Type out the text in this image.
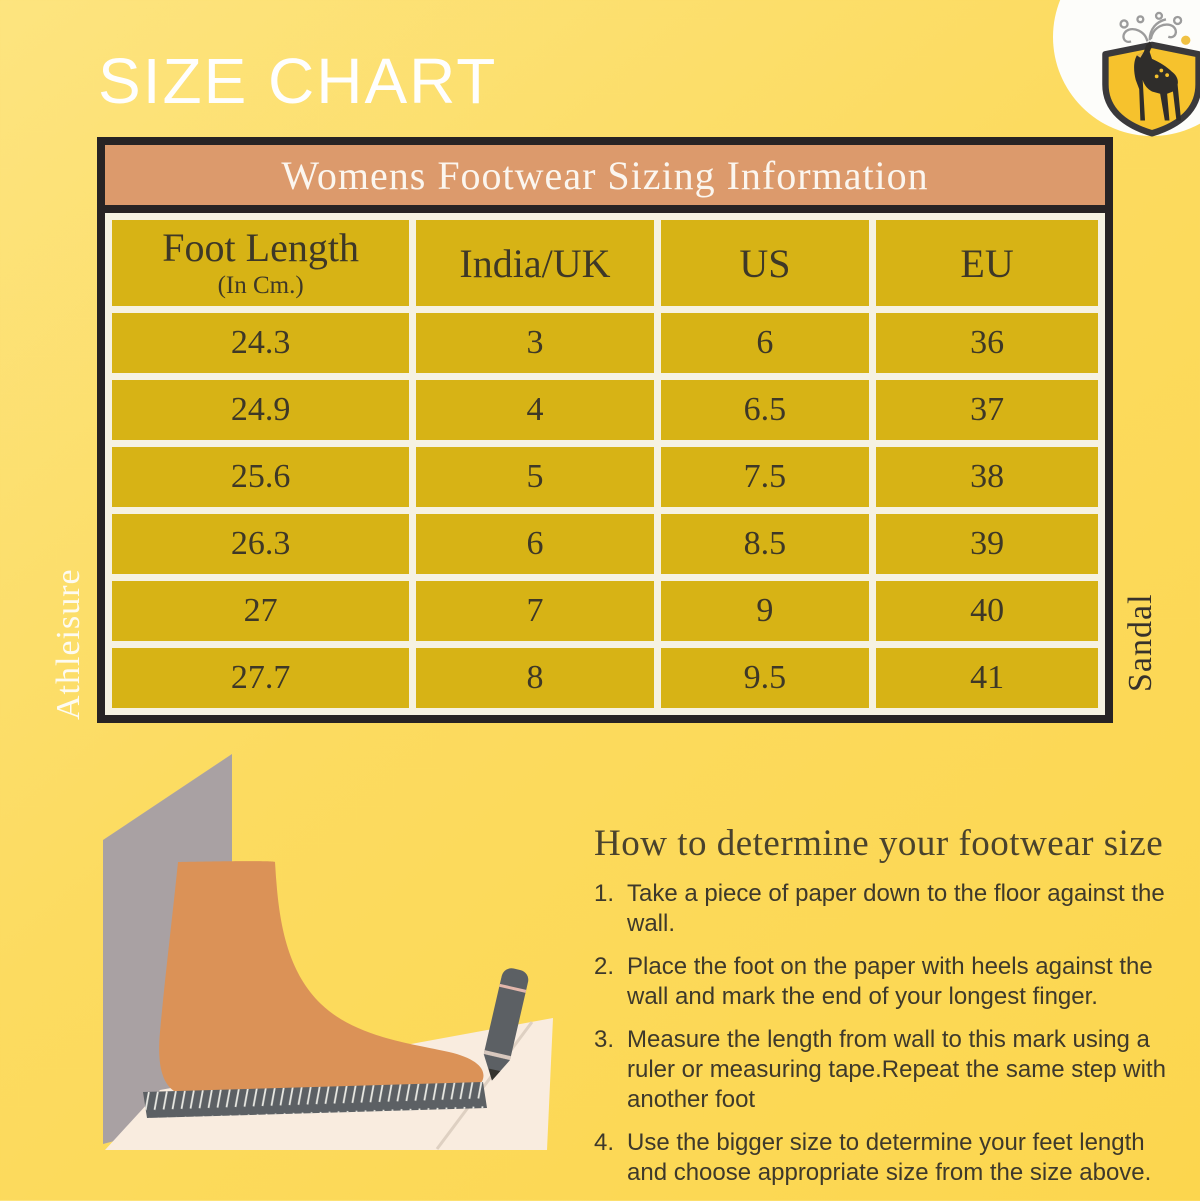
SIZE CHART
Womens Footwear Sizing Information
Foot Length
(In Cm.)	India/UK	US	EU
24.3	3	6	36
24.9	4	6.5	37
25.6	5	7.5	38
26.3	6	8.5	39
27	7	9	40
27.7	8	9.5	41
Athleisure	Sandal
How to determine your footwear size
1. Take a piece of paper down to the floor against the wall.
2. Place the foot on the paper with heels against the wall and mark the end of your longest finger.
3. Measure the length from wall to this mark using a ruler or measuring tape.Repeat the same step with another foot
4. Use the bigger size to determine your feet length and choose appropriate size from the size above.
